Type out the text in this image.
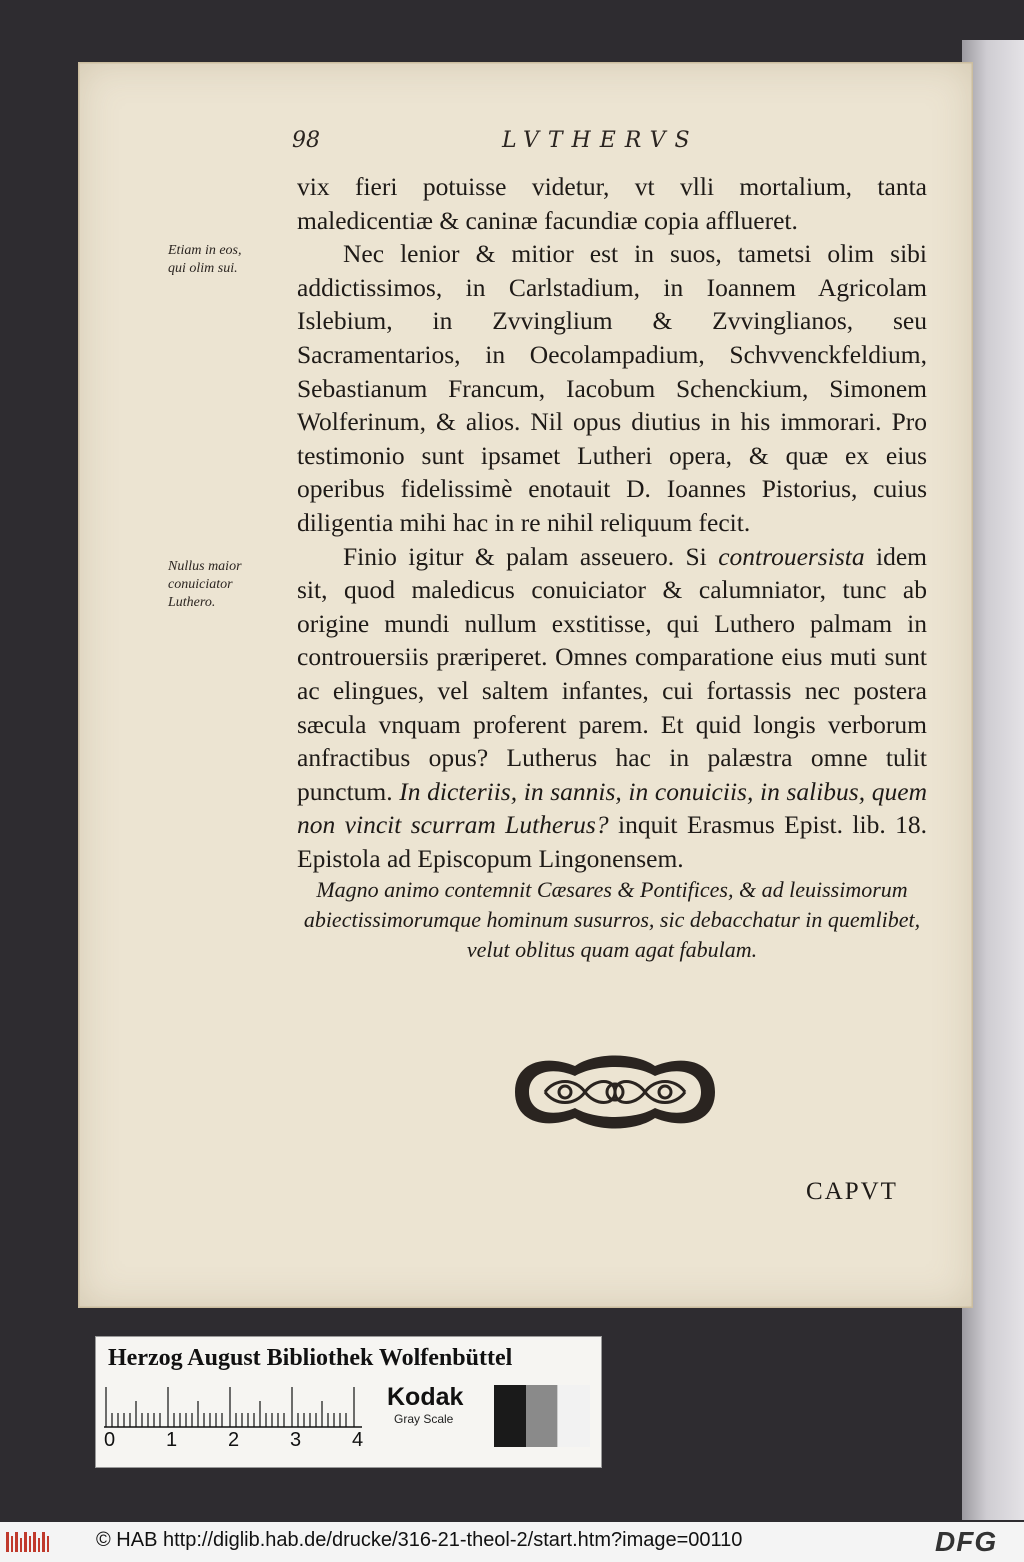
98	LVTHERVS
Etiam in eos,
qui olim sui.
Nullus maior
conuiciator
Luthero.

vix fieri potuisse videtur, vt vlli mortalium, tanta maledicentiæ & caninæ facundiæ copia afflueret.

Nec lenior & mitior est in suos, tametsi olim sibi addictissimos, in Carlstadium, in Ioannem Agricolam Islebium, in Zvvinglium & Zvvinglianos, seu Sacramentarios, in Oecolampadium, Schvvenckfeldium, Sebastianum Francum, Iacobum Schenckium, Simonem Wolferinum, & alios. Nil opus diutius in his immorari. Pro testimonio sunt ipsamet Lutheri opera, & quæ ex eius operibus fidelissimè enotauit D. Ioannes Pistorius, cuius diligentia mihi hac in re nihil reliquum fecit.

Finio igitur & palam asseuero. Si controuersista idem sit, quod maledicus conuiciator & calumniator, tunc ab origine mundi nullum exstitisse, qui Luthero palmam in controuersiis præriperet. Omnes comparatione eius muti sunt ac elingues, vel saltem infantes, cui fortassis nec postera sæcula vnquam proferent parem. Et quid longis verborum anfractibus opus? Lutherus hac in palæstra omne tulit punctum. In dicteriis, in sannis, in conuiciis, in salibus, quem non vincit scurram Lutherus? inquit Erasmus Epist. lib. 18. Epistola ad Episcopum Lingonensem.

Magno animo contemnit Cæsares & Pontifices, & ad leuissimorum abiectissimorumque hominum susurros, sic debacchatur in quemlibet, velut oblitus quam agat fabulam.

CAPVT
Herzog August Bibliothek Wolfenbüttel
0	1	2	3	4
Kodak
Gray Scale
© HAB http://diglib.hab.de/drucke/316-21-theol-2/start.htm?image=00110	DFG
